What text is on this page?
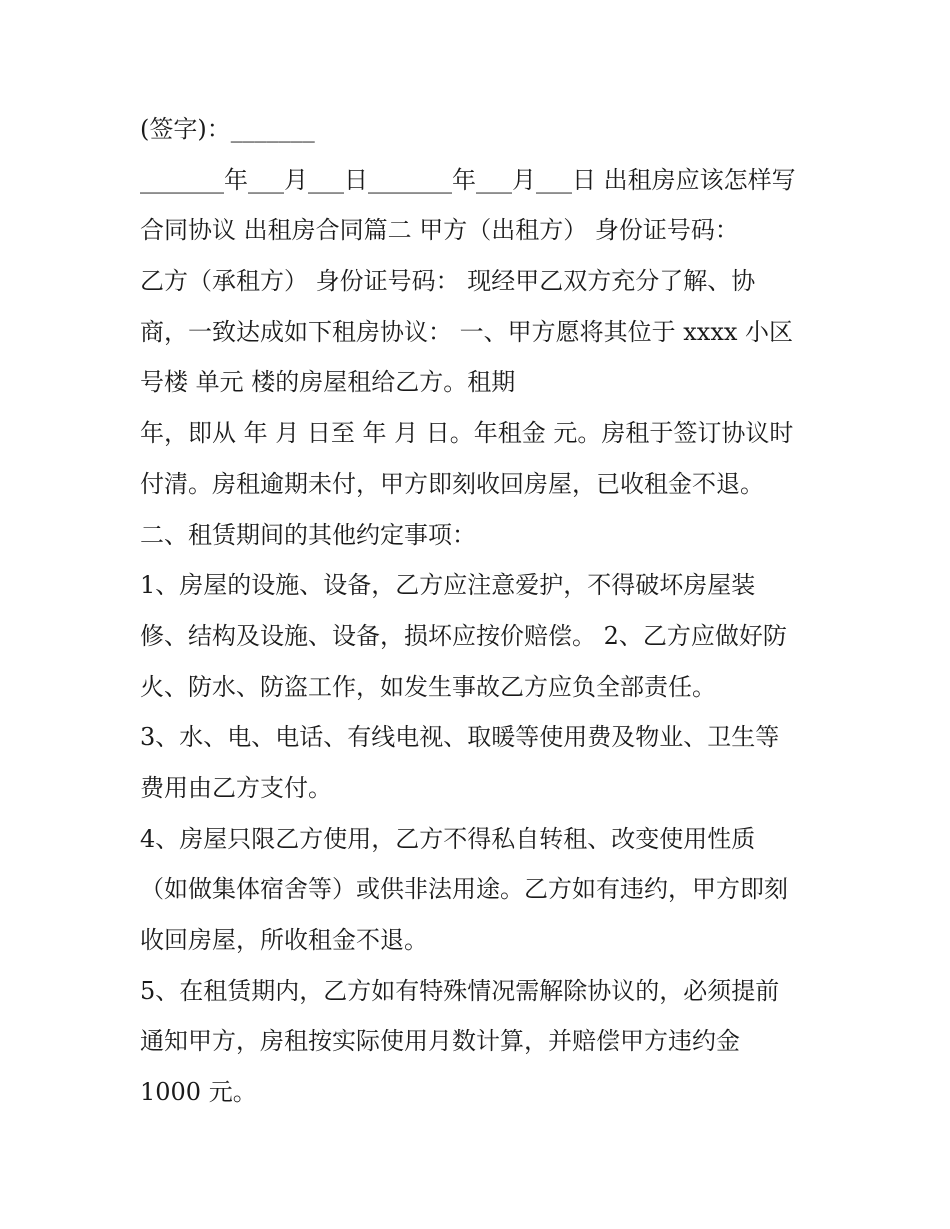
(签字)：_______
_______年___月___日_______年___月___日 出租房应该怎样写
合同协议 出租房合同篇二 甲方（出租方） 身份证号码：
乙方（承租方） 身份证号码： 现经甲乙双方充分了解、协
商，一致达成如下租房协议： 一、甲方愿将其位于 xxxx 小区
号楼 单元 楼的房屋租给乙方。租期
年，即从 年 月 日至 年 月 日。年租金 元。房租于签订协议时
付清。房租逾期未付，甲方即刻收回房屋，已收租金不退。
二、租赁期间的其他约定事项：
1、房屋的设施、设备，乙方应注意爱护，不得破坏房屋装
修、结构及设施、设备，损坏应按价赔偿。 2、乙方应做好防
火、防水、防盗工作，如发生事故乙方应负全部责任。
3、水、电、电话、有线电视、取暖等使用费及物业、卫生等
费用由乙方支付。
4、房屋只限乙方使用，乙方不得私自转租、改变使用性质
（如做集体宿舍等）或供非法用途。乙方如有违约，甲方即刻
收回房屋，所收租金不退。
5、在租赁期内，乙方如有特殊情况需解除协议的，必须提前
通知甲方，房租按实际使用月数计算，并赔偿甲方违约金
1000 元。
